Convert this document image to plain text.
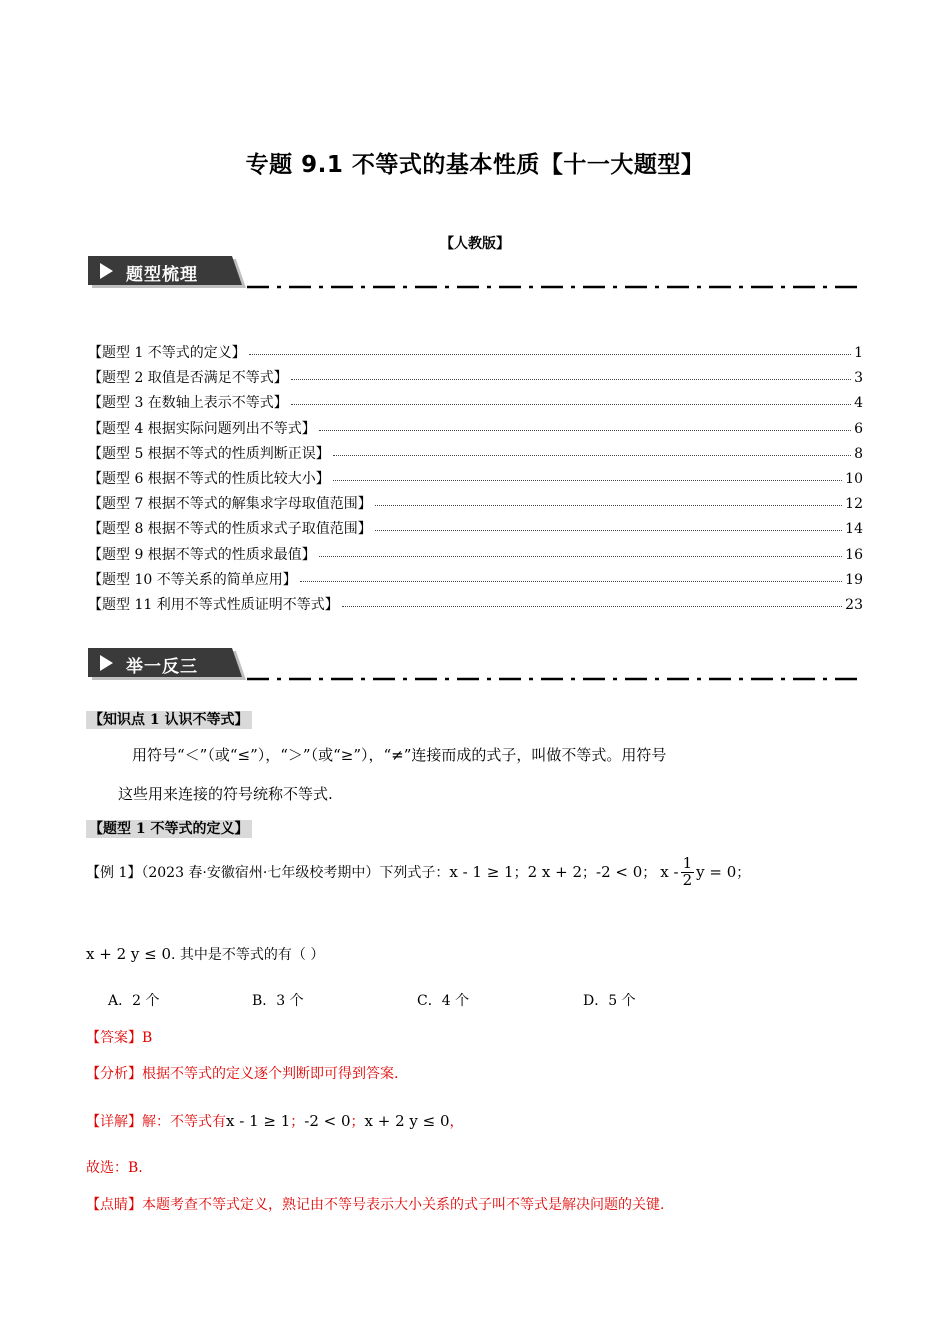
专题 9.1 不等式的基本性质【十一大题型】
【人教版】
题型梳理
【题型 1 不等式的定义】	1
【题型 2 取值是否满足不等式】	3
【题型 3 在数轴上表示不等式】	4
【题型 4 根据实际问题列出不等式】	6
【题型 5 根据不等式的性质判断正误】	8
【题型 6 根据不等式的性质比较大小】	10
【题型 7 根据不等式的解集求字母取值范围】	12
【题型 8 根据不等式的性质求式子取值范围】	14
【题型 9 根据不等式的性质求最值】	16
【题型 10 不等关系的简单应用】	19
【题型 11 利用不等式性质证明不等式】	23
举一反三
【知识点 1 认识不等式】
用符号“＜”（或“≤”），“＞”（或“≥”），“≠”连接而成的式子，叫做不等式。用符号
这些用来连接的符号统称不等式.
【题型 1 不等式的定义】
【例 1】（2023 春·安徽宿州·七年级校考期中）下列式子： x - 1 ≥ 1 ； 2 x + 2 ； -2 < 0 ； x - $\frac{1}{2}$ y = 0 ；
x + 2 y ≤ 0. 其中是不等式的有（ ）
A．2 个	B．3 个	C．4 个	D．5 个
【答案】B
【分析】根据不等式的定义逐个判断即可得到答案.
【详解】解：不等式有x - 1 ≥ 1；-2 < 0；x + 2 y ≤ 0，
故选：B.
【点睛】本题考查不等式定义，熟记由不等号表示大小关系的式子叫不等式是解决问题的关键.
